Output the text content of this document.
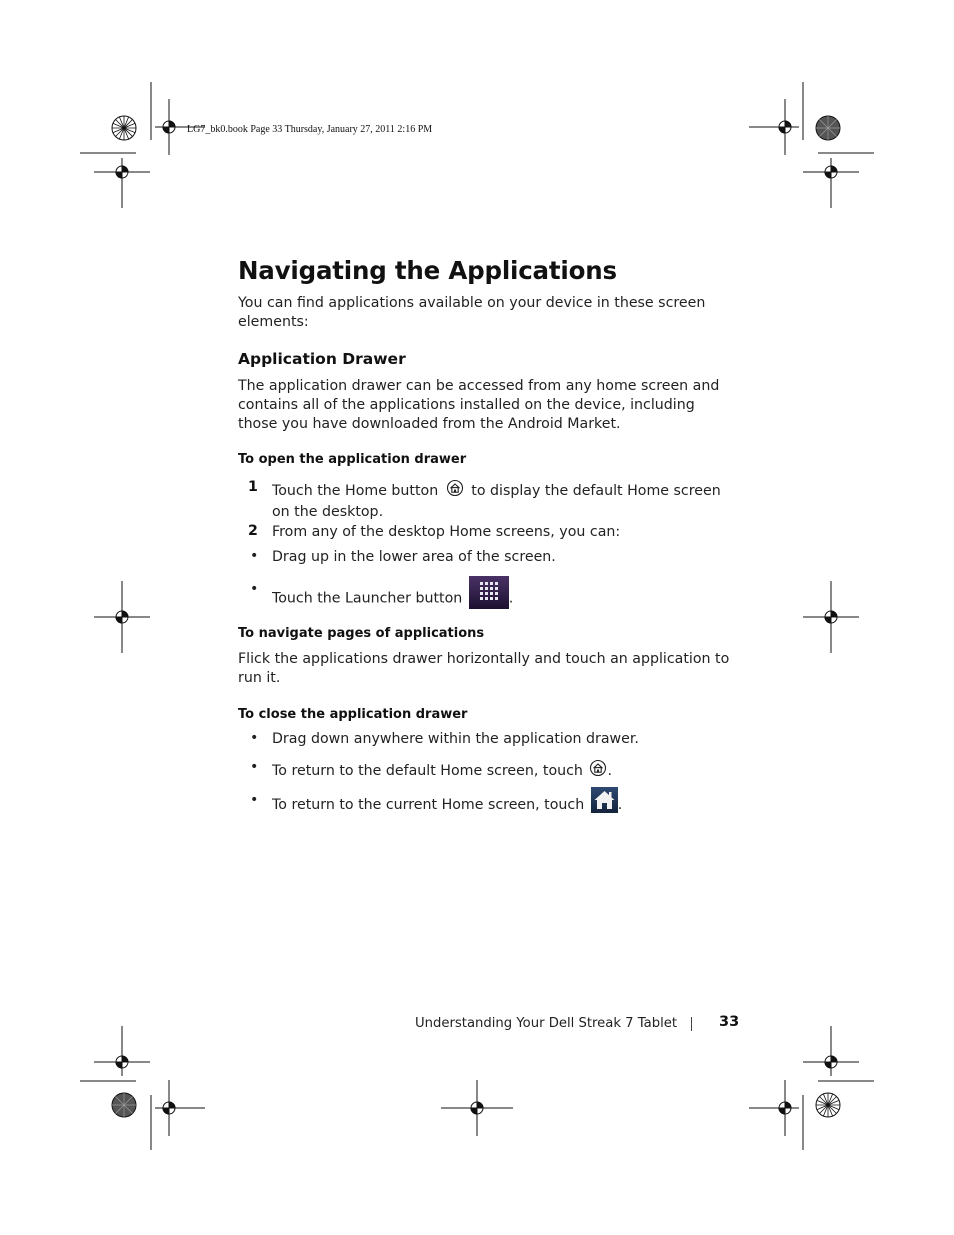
LG7_bk0.book Page 33 Thursday, January 27, 2011 2:16 PM
Navigating the Applications
You can find applications available on your device in these screen elements:
Application Drawer
The application drawer can be accessed from any home screen and contains all of the applications installed on the device, including those you have downloaded from the Android Market.
To open the application drawer
1 Touch the Home button to display the default Home screen on the desktop.
2 From any of the desktop Home screens, you can:
• Drag up in the lower area of the screen.
•
Touch the Launcher button	.
To navigate pages of applications
Flick the applications drawer horizontally and touch an application to run it.
To close the application drawer
• Drag down anywhere within the application drawer.
• To return to the default Home screen, touch .
• To return to the current Home screen, touch .
Understanding Your Dell Streak 7 Tablet	33
